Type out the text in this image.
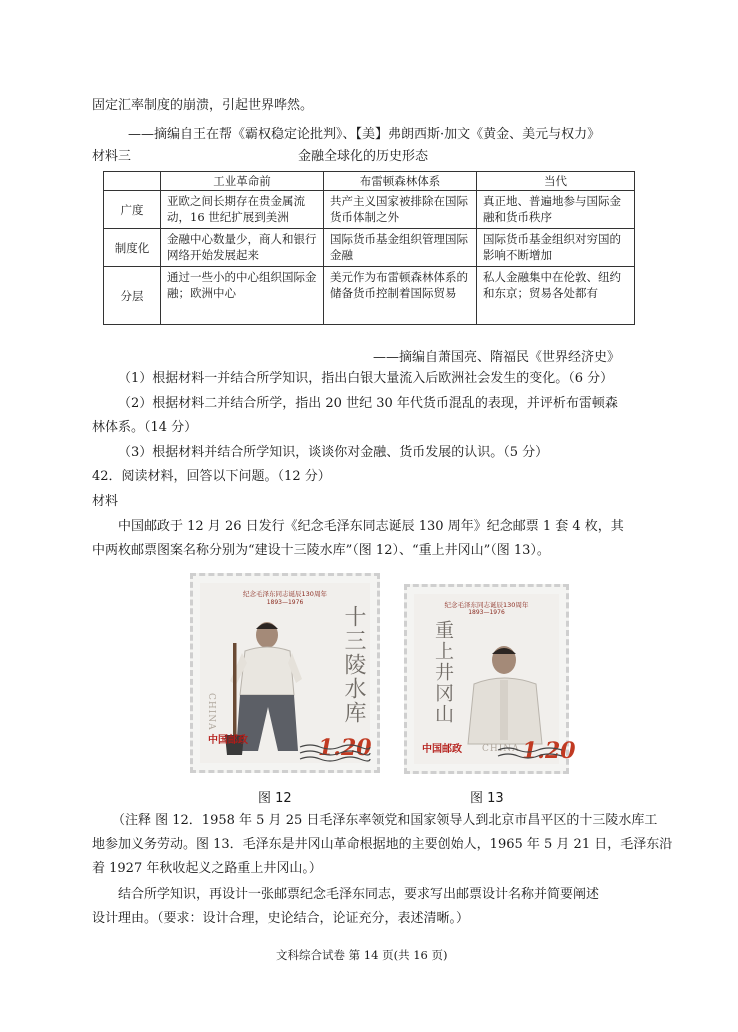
固定汇率制度的崩溃，引起世界哗然。
——摘编自王在帮《霸权稳定论批判》、【美】弗朗西斯·加文《黄金、美元与权力》
材料三	金融全球化的历史形态
	工业革命前	布雷顿森林体系	当代
广度	亚欧之间长期存在贵金属流动，16 世纪扩展到美洲	共产主义国家被排除在国际货币体制之外	真正地、普遍地参与国际金融和货币秩序
制度化	金融中心数量少，商人和银行网络开始发展起来	国际货币基金组织管理国际金融	国际货币基金组织对穷国的影响不断增加
分层	通过一些小的中心组织国际金融；欧洲中心	美元作为布雷顿森林体系的储备货币控制着国际贸易	私人金融集中在伦敦、纽约和东京；贸易各处都有
——摘编自萧国亮、隋福民《世界经济史》
（1）根据材料一并结合所学知识，指出白银大量流入后欧洲社会发生的变化。（6 分）
（2）根据材料二并结合所学，指出 20 世纪 30 年代货币混乱的表现，并评析布雷顿森
林体系。（14 分）
（3）根据材料并结合所学知识，谈谈你对金融、货币发展的认识。（5 分）
42．阅读材料，回答以下问题。（12 分）
材料
中国邮政于 12 月 26 日发行《纪念毛泽东同志诞辰 130 周年》纪念邮票 1 套 4 枚，其
中两枚邮票图案名称分别为“建设十三陵水库”（图 12）、“重上井冈山”（图 13）。
纪念毛泽东同志诞辰130周年
1893—1976
十三陵水库
CHINA
中国邮政	1.20
纪念毛泽东同志诞辰130周年
1893—1976
重上井冈山
中国邮政 CHINA 1.20
图 12	图 13
（注释 图 12．1958 年 5 月 25 日毛泽东率领党和国家领导人到北京市昌平区的十三陵水库工
地参加义务劳动。图 13．毛泽东是井冈山革命根据地的主要创始人，1965 年 5 月 21 日，毛泽东沿
着 1927 年秋收起义之路重上井冈山。）
结合所学知识，再设计一张邮票纪念毛泽东同志，要求写出邮票设计名称并简要阐述
设计理由。（要求：设计合理，史论结合，论证充分，表述清晰。）
文科综合试卷 第 14 页(共 16 页)
